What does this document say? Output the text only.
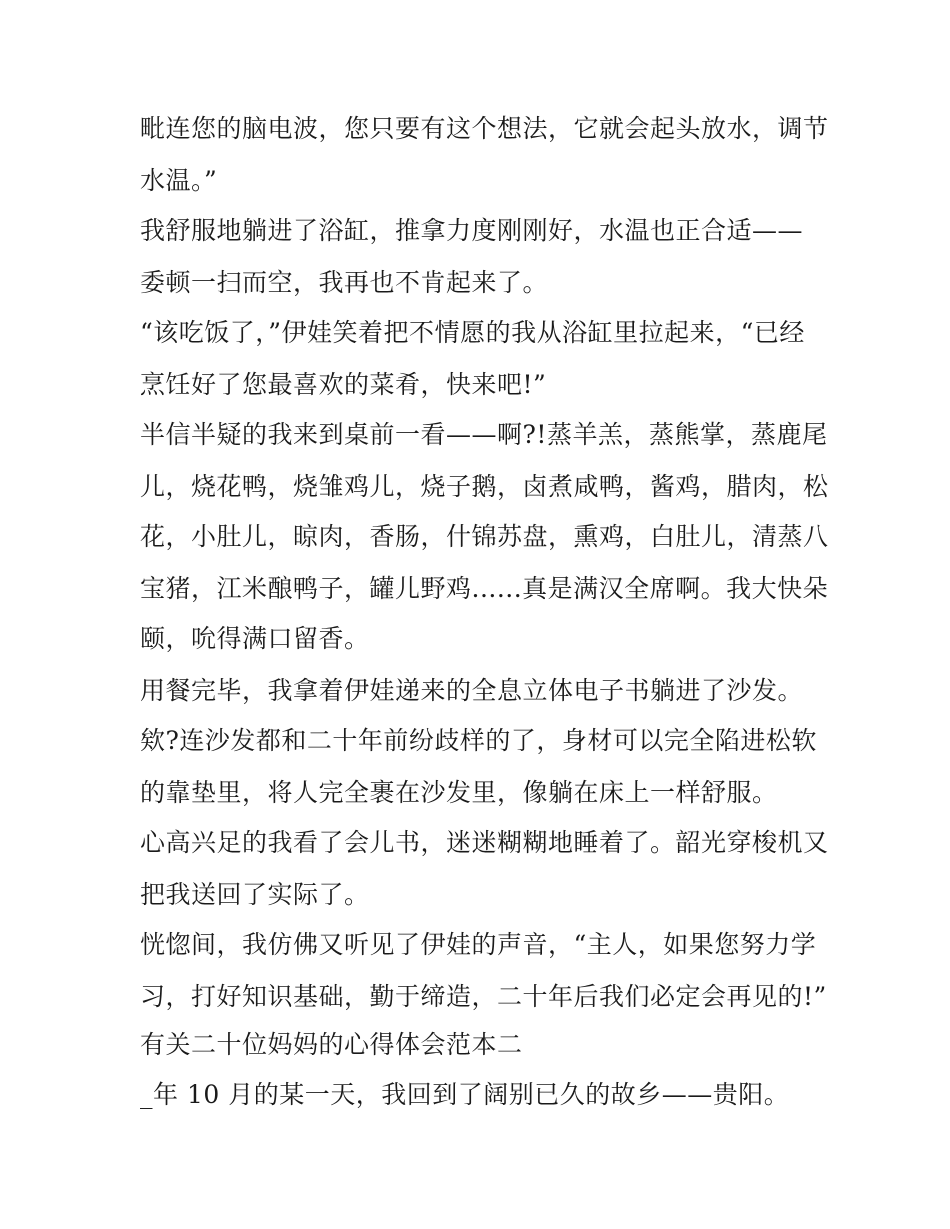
毗连您的脑电波，您只要有这个想法，它就会起头放水，调节
水温。”
我舒服地躺进了浴缸，推拿力度刚刚好，水温也正合适——
委顿一扫而空，我再也不肯起来了。
“该吃饭了，”伊娃笑着把不情愿的我从浴缸里拉起来，“已经
烹饪好了您最喜欢的菜肴，快来吧!”
半信半疑的我来到桌前一看——啊?!蒸羊羔，蒸熊掌，蒸鹿尾
儿，烧花鸭，烧雏鸡儿，烧子鹅，卤煮咸鸭，酱鸡，腊肉，松
花，小肚儿，晾肉，香肠，什锦苏盘，熏鸡，白肚儿，清蒸八
宝猪，江米酿鸭子，罐儿野鸡......真是满汉全席啊。我大快朵
颐，吮得满口留香。
用餐完毕，我拿着伊娃递来的全息立体电子书躺进了沙发。
欸?连沙发都和二十年前纷歧样的了，身材可以完全陷进松软
的靠垫里，将人完全裹在沙发里，像躺在床上一样舒服。
心高兴足的我看了会儿书，迷迷糊糊地睡着了。韶光穿梭机又
把我送回了实际了。
恍惚间，我仿佛又听见了伊娃的声音，“主人，如果您努力学
习，打好知识基础，勤于缔造，二十年后我们必定会再见的!”
有关二十位妈妈的心得体会范本二
_年 10 月的某一天，我回到了阔别已久的故乡——贵阳。
